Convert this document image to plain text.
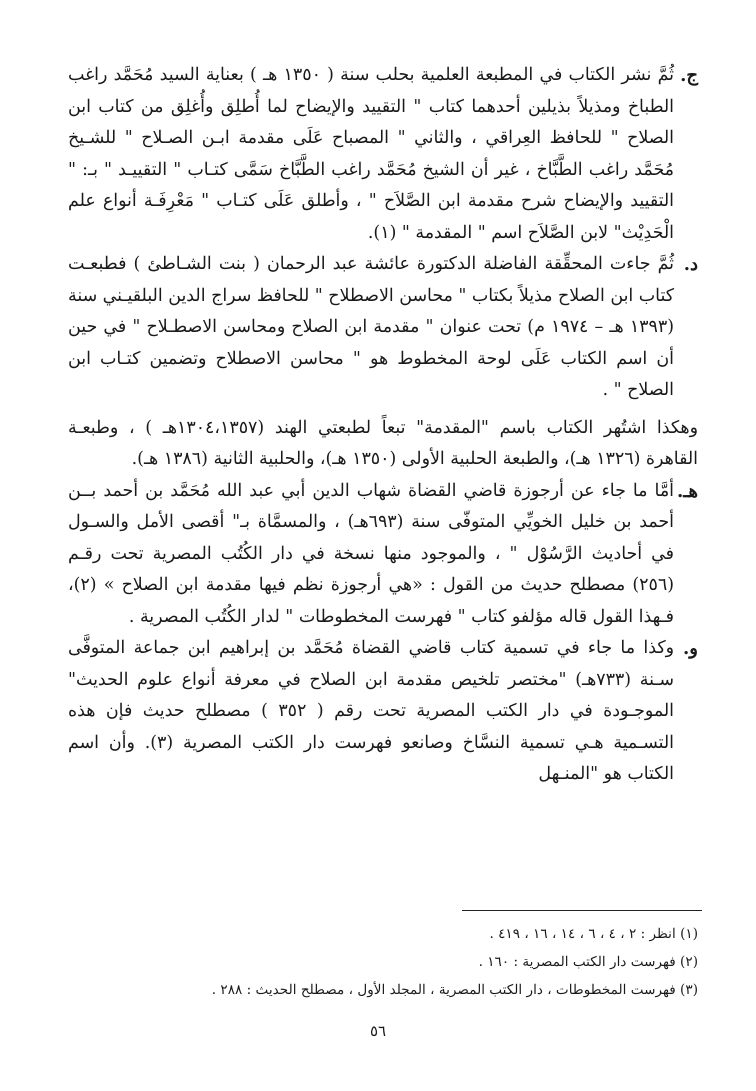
ج.
ثُمَّ نشر الكتاب في المطبعة العلمية بحلب سنة ( ١٣٥٠ هـ ) بعناية السيد مُحَمَّد راغب الطباخ ومذيلاً بذيلين أحدهما كتاب " التقييد والإيضاح لما أُطلِق وأُغلِق من كتاب ابن الصلاح " للحافظ العِراقي ، والثاني " المصباح عَلَى مقدمة ابـن الصـلاح " للشـيخ مُحَمَّد راغب الطَّبَّاخ ، غير أن الشيخ مُحَمَّد راغب الطَّبَّاخ سَمَّى كتـاب " التقييـد " بـ: " التقييد والإيضاح شرح مقدمة ابن الصَّلاَح " ، وأطلق عَلَى كتـاب " مَعْرِفَـة أنواع علم الْحَدِيْث" لابن الصَّلاَح اسم " المقدمة " (١).

د.
ثُمَّ جاءت المحقِّقة الفاضلة الدكتورة عائشة عبد الرحمان ( بنت الشـاطئ ) فطبعـت كتاب ابن الصلاح مذيلاً بكتاب " محاسن الاصطلاح " للحافظ سراج الدين البلقيـني سنة (١٣٩٣ هـ – ١٩٧٤ م) تحت عنوان " مقدمة ابن الصلاح ومحاسن الاصطـلاح " في حين أن اسم الكتاب عَلَى لوحة المخطوط هو " محاسن الاصطلاح وتضمين كتـاب ابن الصلاح " .

وهكذا اشتُهر الكتاب باسم "المقدمة" تبعاً لطبعتي الهند (١٣٠٤،١٣٥٧هـ ) ، وطبعـة القاهرة (١٣٢٦ هـ)، والطبعة الحلبية الأولى (١٣٥٠ هـ)، والحلبية الثانية (١٣٨٦ هـ).

هـ.
أمَّا ما جاء عن أرجوزة قاضي القضاة شهاب الدين أبي عبد الله مُحَمَّد بن أحمد بــن أحمد بن خليل الخويِّي المتوفّى سنة (٦٩٣هـ) ، والمسمَّاة بـ" أقصى الأمل والسـول في أحاديث الرَّسُوْل " ، والموجود منها نسخة في دار الكُتُب المصرية تحت رقـم (٢٥٦) مصطلح حديث من القول : «هي أرجوزة نظم فيها مقدمة ابن الصلاح » (٢)، فـهذا القول قاله مؤلفو كتاب " فهرست المخطوطات " لدار الكُتُب المصرية .

و.
وكذا ما جاء في تسمية كتاب قاضي القضاة مُحَمَّد بن إبراهيم ابن جماعة المتوفَّى سـنة (٧٣٣هـ) "مختصر تلخيص مقدمة ابن الصلاح في معرفة أنواع علوم الحديث" الموجـودة في دار الكتب المصرية تحت رقم ( ٣٥٢ ) مصطلح حديث فإن هذه التسـمية هـي تسمية النسَّاخ وصانعو فهرست دار الكتب المصرية (٣). وأن اسم الكتاب هو "المنـهل

(١) انظر : ٢ ، ٤ ، ٦ ، ١٤ ، ١٦ ، ٤١٩ .

(٢) فهرست دار الكتب المصرية : ١٦٠ .

(٣) فهرست المخطوطات ، دار الكتب المصرية ، المجلد الأول ، مصطلح الحديث : ٢٨٨ .

٥٦
